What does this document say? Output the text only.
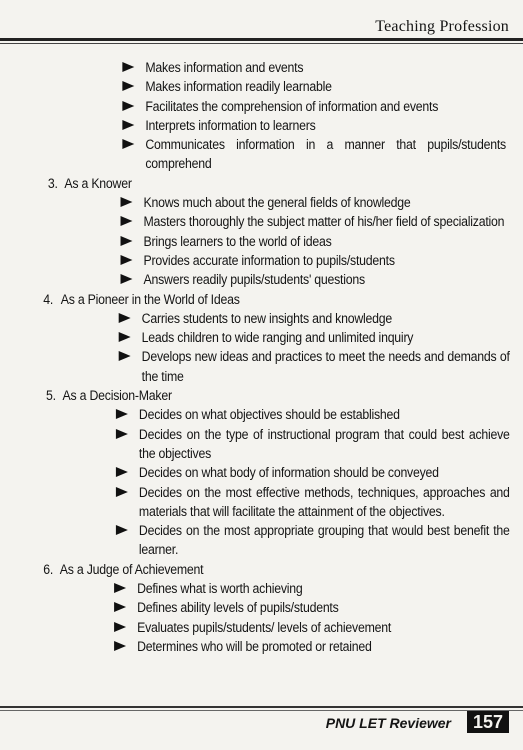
Teaching Profession
Makes information and events
Makes information readily learnable
Facilitates the comprehension of information and events
Interprets information to learners
Communicates information in a manner that pupils/students comprehend
3. As a Knower
Knows much about the general fields of knowledge
Masters thoroughly the subject matter of his/her field of specialization
Brings learners to the world of ideas
Provides accurate information to pupils/students
Answers readily pupils/students' questions
4. As a Pioneer in the World of Ideas
Carries students to new insights and knowledge
Leads children to wide ranging and unlimited inquiry
Develops new ideas and practices to meet the needs and demands of the time
5. As a Decision-Maker
Decides on what objectives should be established
Decides on the type of instructional program that could best achieve the objectives
Decides on what body of information should be conveyed
Decides on the most effective methods, techniques, approaches and materials that will facilitate the attainment of the objectives.
Decides on the most appropriate grouping that would best benefit the learner.
6. As a Judge of Achievement
Defines what is worth achieving
Defines ability levels of pupils/students
Evaluates pupils/students/ levels of achievement
Determines who will be promoted or retained
PNU LET Reviewer	157
